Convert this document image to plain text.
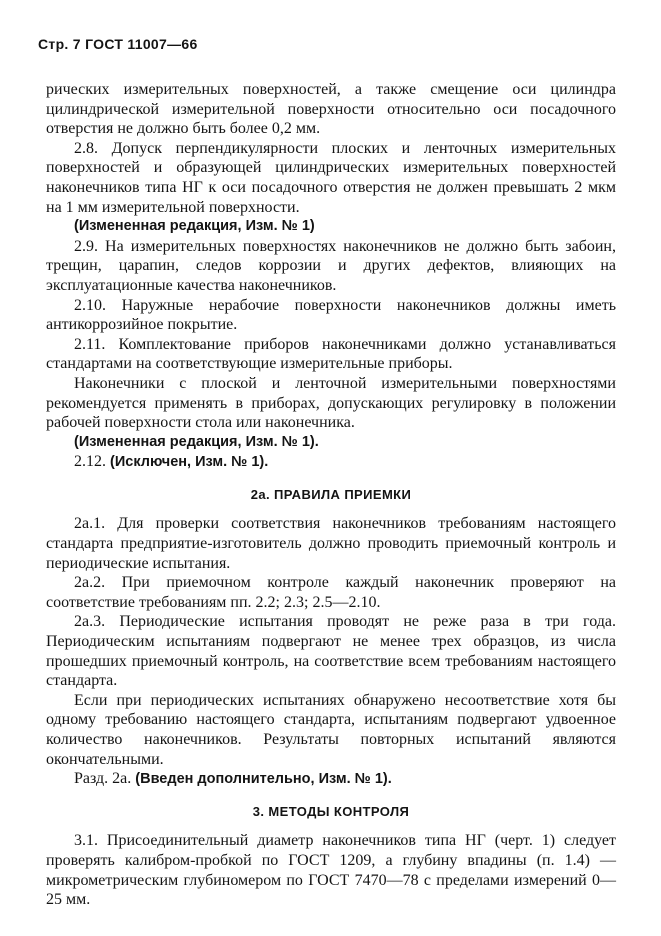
Стр. 7 ГОСТ 11007—66

рических измерительных поверхностей, а также смещение оси цилиндра цилиндрической измерительной поверхности относительно оси посадочного отверстия не должно быть более 0,2 мм.

2.8. Допуск перпендикулярности плоских и ленточных измерительных поверхностей и образующей цилиндрических измерительных поверхностей наконечников типа НГ к оси посадочного отверстия не должен превышать 2 мкм на 1 мм измерительной поверхности.

(Измененная редакция, Изм. № 1)

2.9. На измерительных поверхностях наконечников не должно быть забоин, трещин, царапин, следов коррозии и других дефектов, влияющих на эксплуатационные качества наконечников.

2.10. Наружные нерабочие поверхности наконечников должны иметь антикоррозийное покрытие.

2.11. Комплектование приборов наконечниками должно устанавливаться стандартами на соответствующие измерительные приборы.

Наконечники с плоской и ленточной измерительными поверхностями рекомендуется применять в приборах, допускающих регулировку в положении рабочей поверхности стола или наконечника.

(Измененная редакция, Изм. № 1).

2.12. (Исключен, Изм. № 1).

2а. ПРАВИЛА ПРИЕМКИ

2а.1. Для проверки соответствия наконечников требованиям настоящего стандарта предприятие-изготовитель должно проводить приемочный контроль и периодические испытания.

2а.2. При приемочном контроле каждый наконечник проверяют на соответствие требованиям пп. 2.2; 2.3; 2.5—2.10.

2а.3. Периодические испытания проводят не реже раза в три года. Периодическим испытаниям подвергают не менее трех образцов, из числа прошедших приемочный контроль, на соответствие всем требованиям настоящего стандарта.

Если при периодических испытаниях обнаружено несоответствие хотя бы одному требованию настоящего стандарта, испытаниям подвергают удвоенное количество наконечников. Результаты повторных испытаний являются окончательными.

Разд. 2а. (Введен дополнительно, Изм. № 1).

3. МЕТОДЫ КОНТРОЛЯ

3.1. Присоединительный диаметр наконечников типа НГ (черт. 1) следует проверять калибром-пробкой по ГОСТ 1209, а глубину впадины (п. 1.4) — микрометрическим глубиномером по ГОСТ 7470—78 с пределами измерений 0—25 мм.
